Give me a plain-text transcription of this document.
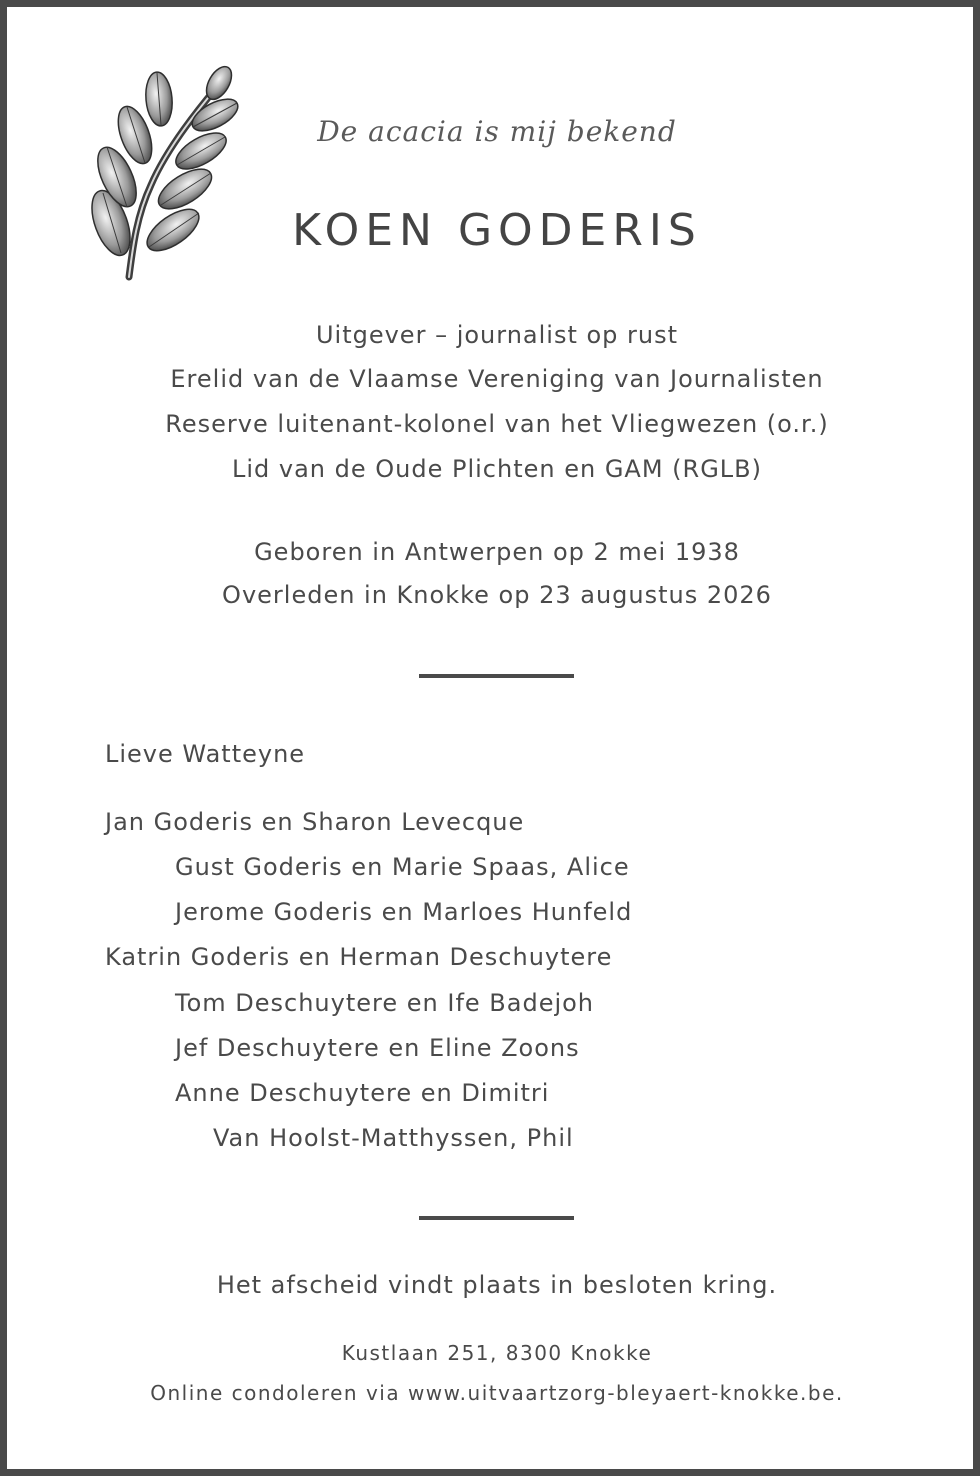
De acacia is mij bekend
KOEN GODERIS
Uitgever – journalist op rust
Erelid van de Vlaamse Vereniging van Journalisten
Reserve luitenant-kolonel van het Vliegwezen (o.r.)
Lid van de Oude Plichten en GAM (RGLB)
Geboren in Antwerpen op 2 mei 1938
Overleden in Knokke op 23 augustus 2026
Lieve Watteyne
Jan Goderis en Sharon Levecque
Gust Goderis en Marie Spaas, Alice
Jerome Goderis en Marloes Hunfeld
Katrin Goderis en Herman Deschuytere
Tom Deschuytere en Ife Badejoh
Jef Deschuytere en Eline Zoons
Anne Deschuytere en Dimitri
Van Hoolst-Matthyssen, Phil
Het afscheid vindt plaats in besloten kring.
Kustlaan 251, 8300 Knokke
Online condoleren via www.uitvaartzorg-bleyaert-knokke.be.
